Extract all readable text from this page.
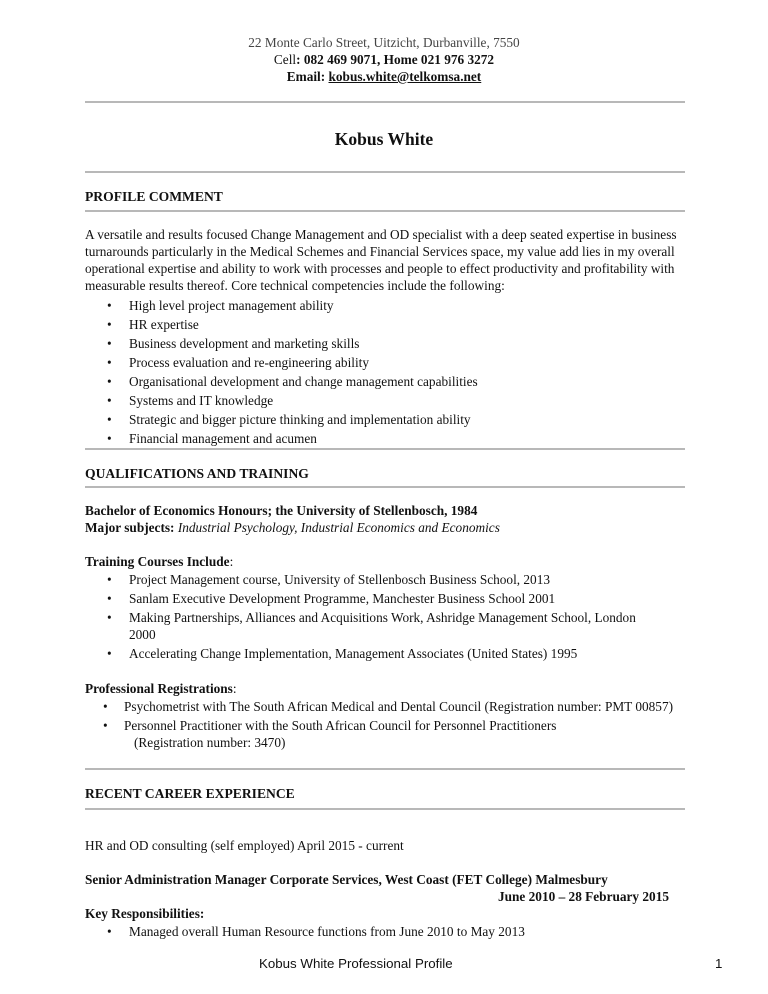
22 Monte Carlo Street, Uitzicht, Durbanville, 7550
Cell: 082 469 9071, Home 021 976 3272
Email: kobus.white@telkomsa.net
Kobus White
PROFILE COMMENT

A versatile and results focused Change Management and OD specialist with a deep seated expertise in business turnarounds particularly in the Medical Schemes and Financial Services space, my value add lies in my overall operational expertise and ability to work with processes and people to effect productivity and profitability with measurable results thereof. Core technical competencies include the following:

• High level project management ability
• HR expertise
• Business development and marketing skills
• Process evaluation and re-engineering ability
• Organisational development and change management capabilities
• Systems and IT knowledge
• Strategic and bigger picture thinking and implementation ability
• Financial management and acumen
QUALIFICATIONS AND TRAINING
Bachelor of Economics Honours; the University of Stellenbosch, 1984
Major subjects: Industrial Psychology, Industrial Economics and Economics
Training Courses Include:
• Project Management course, University of Stellenbosch Business School, 2013
• Sanlam Executive Development Programme, Manchester Business School 2001
• Making Partnerships, Alliances and Acquisitions Work, Ashridge Management School, London 2000
• Accelerating Change Implementation, Management Associates (United States) 1995
Professional Registrations:
• Psychometrist with The South African Medical and Dental Council (Registration number: PMT 00857)
• Personnel Practitioner with the South African Council for Personnel Practitioners
(Registration number: 3470)
RECENT CAREER EXPERIENCE
HR and OD consulting (self employed) April 2015 - current
Senior Administration Manager Corporate Services, West Coast (FET College) Malmesbury
June 2010 – 28 February 2015
Key Responsibilities:
• Managed overall Human Resource functions from June 2010 to May 2013
Kobus White Professional Profile	1
